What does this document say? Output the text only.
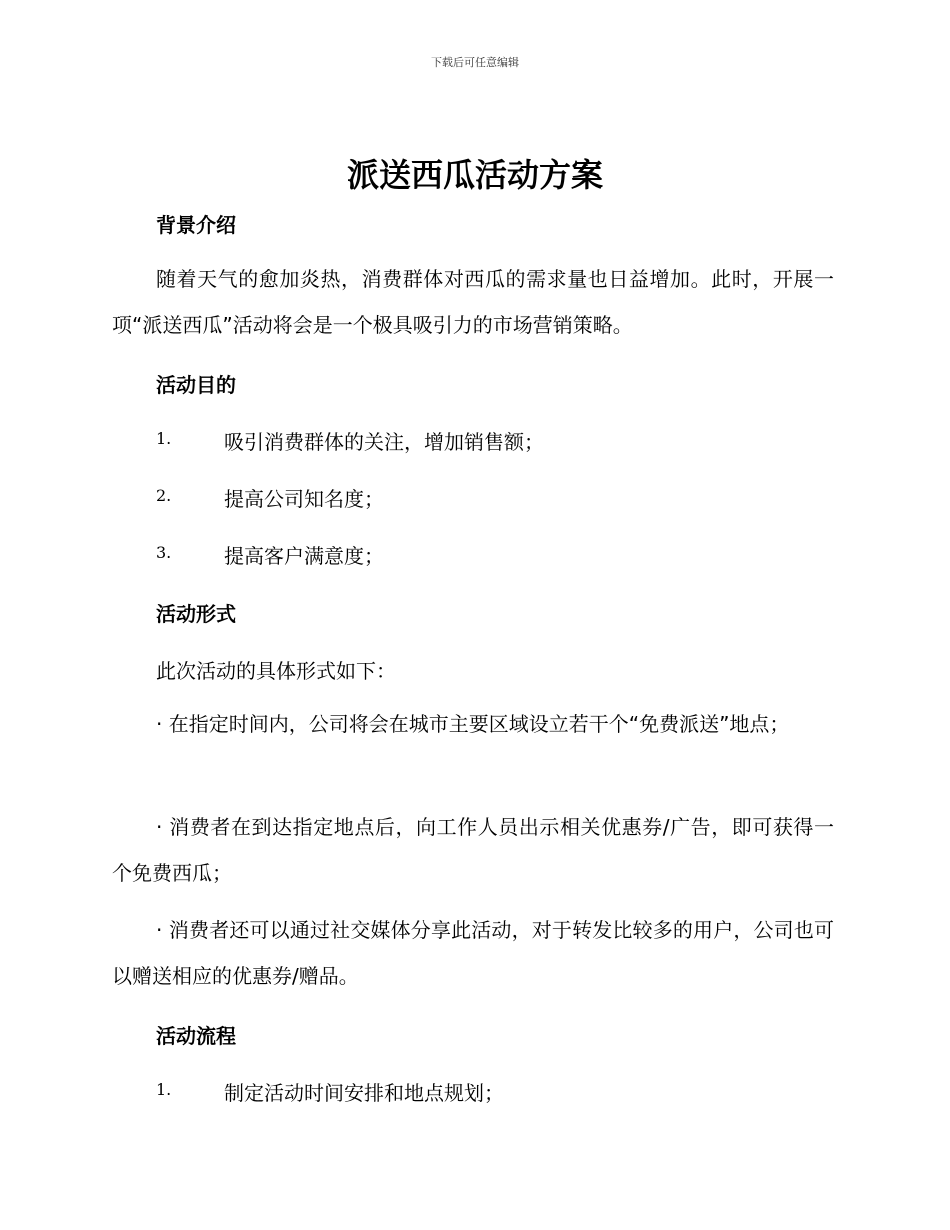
下载后可任意编辑
派送西瓜活动方案
背景介绍
随着天气的愈加炎热，消费群体对西瓜的需求量也日益增加。此时，开展一项“派送西瓜”活动将会是一个极具吸引力的市场营销策略。
活动目的
1.	吸引消费群体的关注，增加销售额；
2.	提高公司知名度；
3.	提高客户满意度；
活动形式
此次活动的具体形式如下：
· 在指定时间内，公司将会在城市主要区域设立若干个“免费派送”地点；
· 消费者在到达指定地点后，向工作人员出示相关优惠券/广告，即可获得一个免费西瓜；
· 消费者还可以通过社交媒体分享此活动，对于转发比较多的用户，公司也可以赠送相应的优惠券/赠品。
活动流程
1.	制定活动时间安排和地点规划；
